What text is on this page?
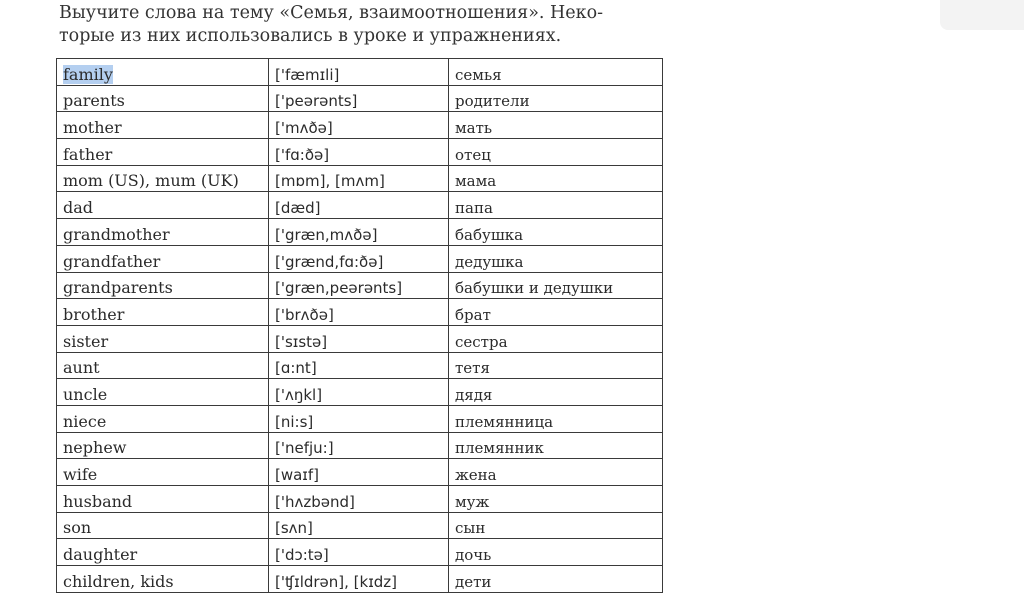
Выучите слова на тему «Семья, взаимоотношения». Неко-
торые из них использовались в уроке и упражнениях.

family	['fæmɪli]	семья
parents	['peərənts]	родители
mother	['mʌðə]	мать
father	['fɑ:ðə]	отец
mom (US), mum (UK)	[mɒm], [mʌm]	мама
dad	[dæd]	папа
grandmother	['græn,mʌðə]	бабушка
grandfather	['grænd,fɑ:ðə]	дедушка
grandparents	['græn,peərənts]	бабушки и дедушки
brother	['brʌðə]	брат
sister	['sɪstə]	сестра
aunt	[ɑ:nt]	тетя
uncle	['ʌŋkl]	дядя
niece	[ni:s]	племянница
nephew	['nefju:]	племянник
wife	[waɪf]	жена
husband	['hʌzbənd]	муж
son	[sʌn]	сын
daughter	['dɔ:tə]	дочь
children, kids	['ʧɪldrən], [kɪdz]	дети
